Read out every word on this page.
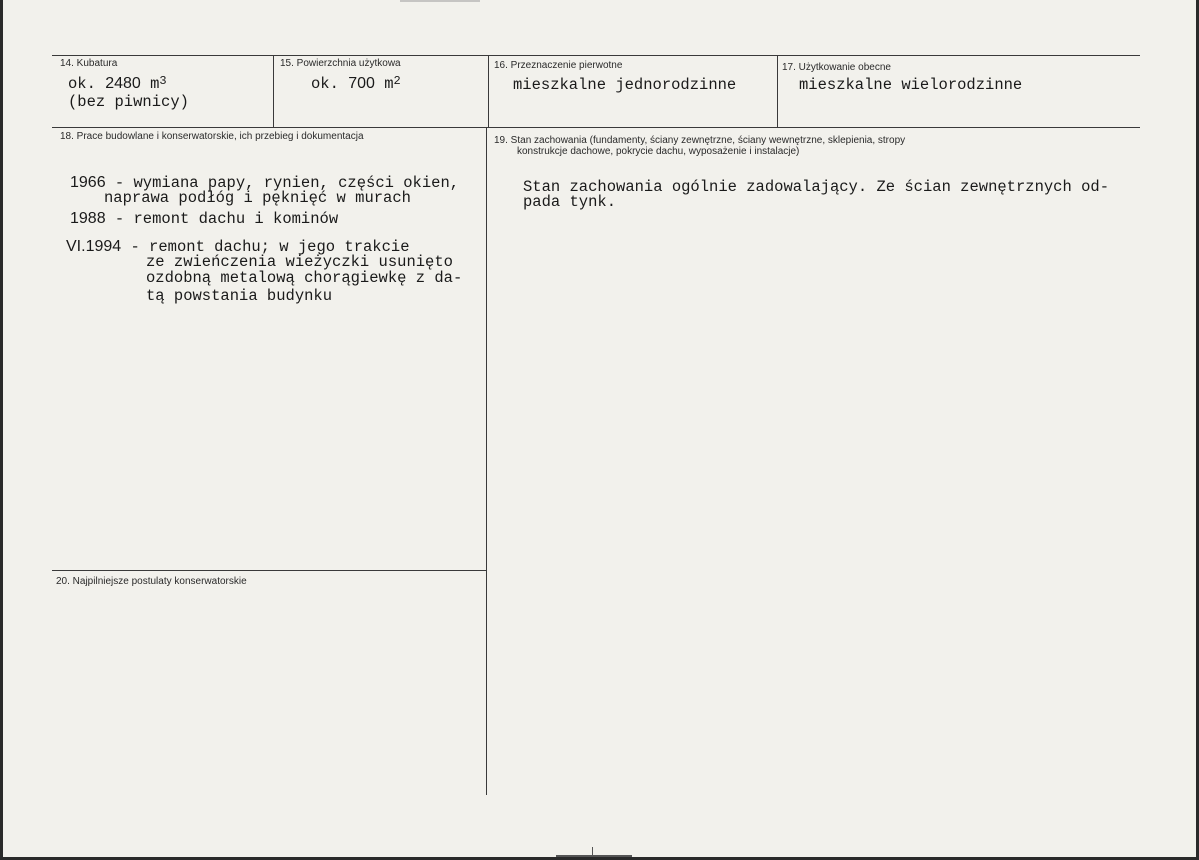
14. Kubatura
ok. 2480 $m^3$
(bez piwnicy)
15. Powierzchnia użytkowa
ok. 700 $m^2$
16. Przeznaczenie pierwotne
mieszkalne jednorodzinne
17. Użytkowanie obecne
mieszkalne wielorodzinne
18. Prace budowlane i konserwatorskie, ich przebieg i dokumentacja
1966 - wymiana papy, rynien, części okien,
naprawa podłóg i pęknięć w murach
1988 - remont dachu i kominów
VI.1994 - remont dachu; w jego trakcie
ze zwieńczenia wieżyczki usunięto
ozdobną metalową chorągiewkę z da-
tą powstania budynku
19. Stan zachowania (fundamenty, ściany zewnętrzne, ściany wewnętrzne, sklepienia, stropy
konstrukcje dachowe, pokrycie dachu, wyposażenie i instalacje)
Stan zachowania ogólnie zadowalający. Ze ścian zewnętrznych od-
pada tynk.
20. Najpilniejsze postulaty konserwatorskie
